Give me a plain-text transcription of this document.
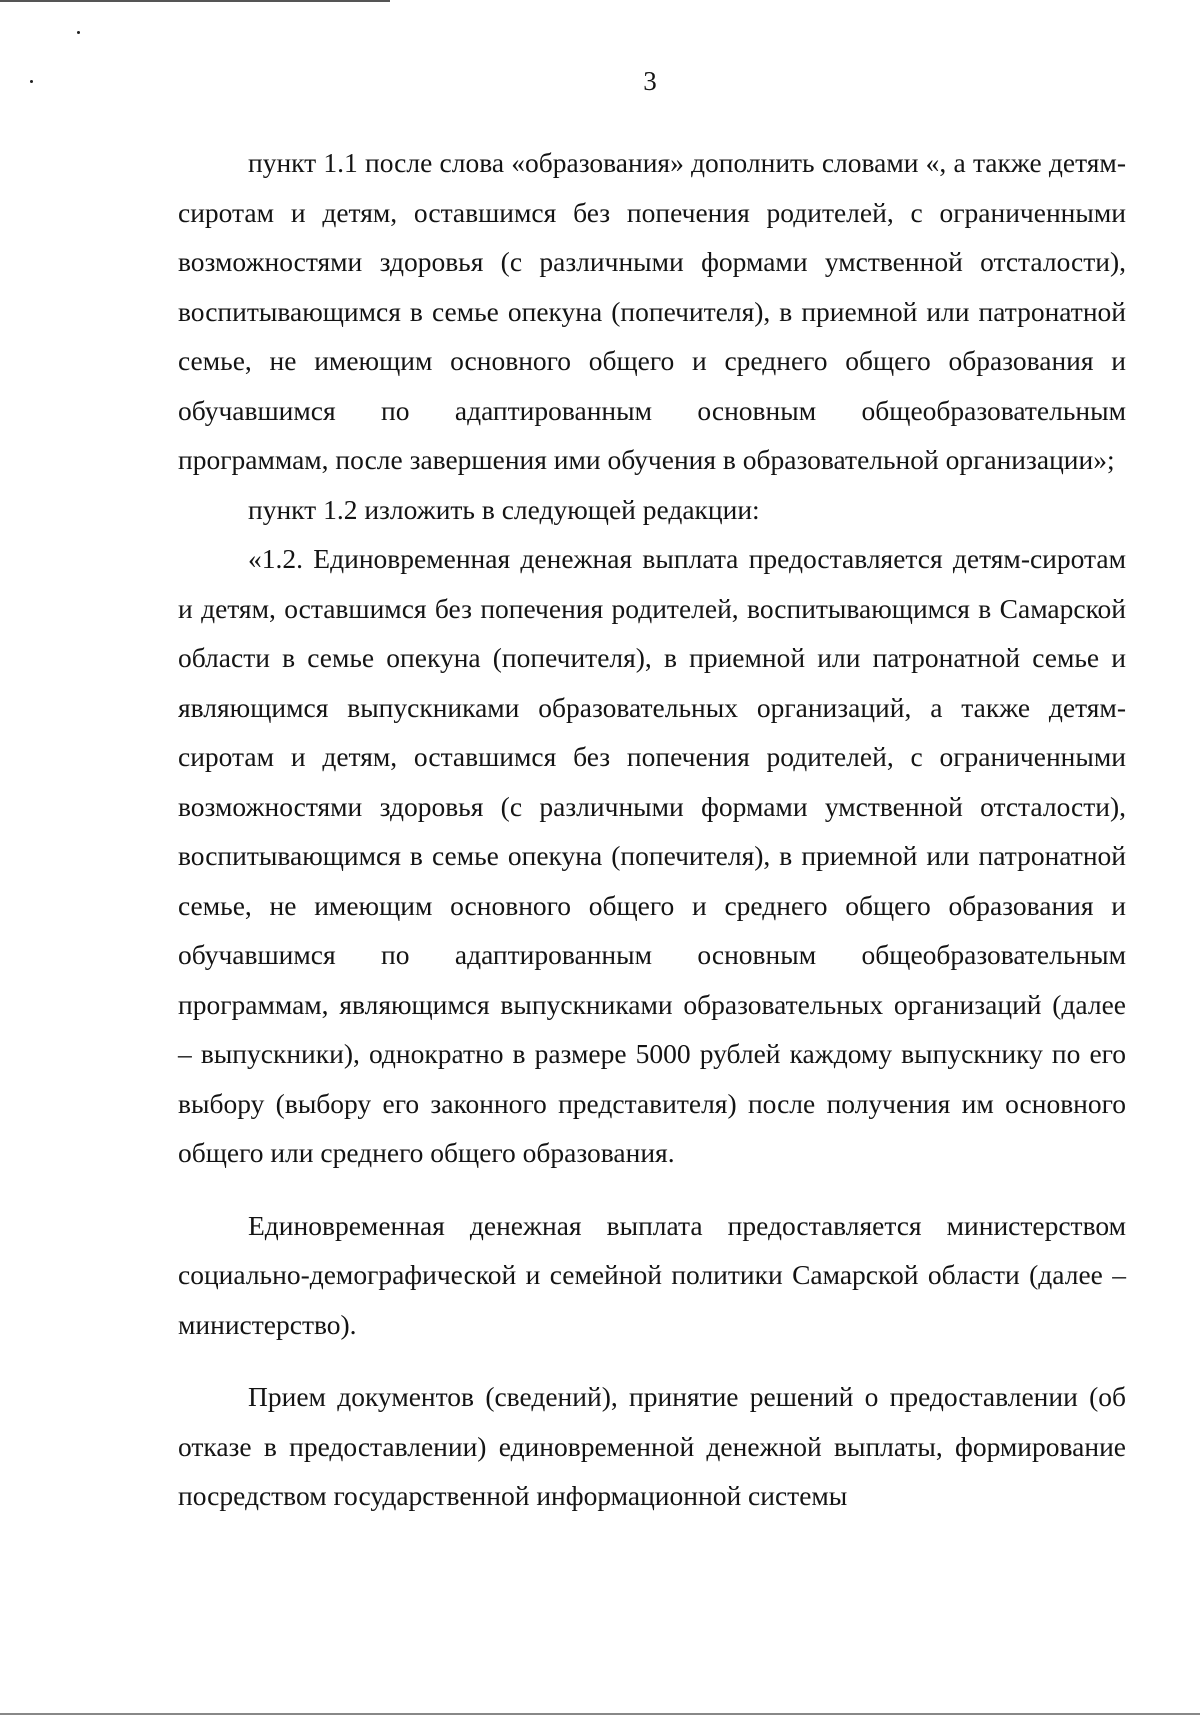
3

пункт 1.1 после слова «образования» дополнить словами «, а также детям-сиротам и детям, оставшимся без попечения родителей, с ограниченными возможностями здоровья (с различными формами умственной отсталости), воспитывающимся в семье опекуна (попечителя), в приемной или патронатной семье, не имеющим основного общего и среднего общего образования и обучавшимся по адаптированным основным общеобразовательным программам, после завершения ими обучения в образовательной организации»;

пункт 1.2 изложить в следующей редакции:

«1.2. Единовременная денежная выплата предоставляется детям-сиротам и детям, оставшимся без попечения родителей, воспитывающимся в Самарской области в семье опекуна (попечителя), в приемной или патронатной семье и являющимся выпускниками образовательных организаций, а также детям-сиротам и детям, оставшимся без попечения родителей, с ограниченными возможностями здоровья (с различными формами умственной отсталости), воспитывающимся в семье опекуна (попечителя), в приемной или патронатной семье, не имеющим основного общего и среднего общего образования и обучавшимся по адаптированным основным общеобразовательным программам, являющимся выпускниками образовательных организаций (далее – выпускники), однократно в размере 5000 рублей каждому выпускнику по его выбору (выбору его законного представителя) после получения им основного общего или среднего общего образования.

Единовременная денежная выплата предоставляется министерством социально-демографической и семейной политики Самарской области (далее – министерство).

Прием документов (сведений), принятие решений о предоставлении (об отказе в предоставлении) единовременной денежной выплаты, формирование посредством государственной информационной системы
